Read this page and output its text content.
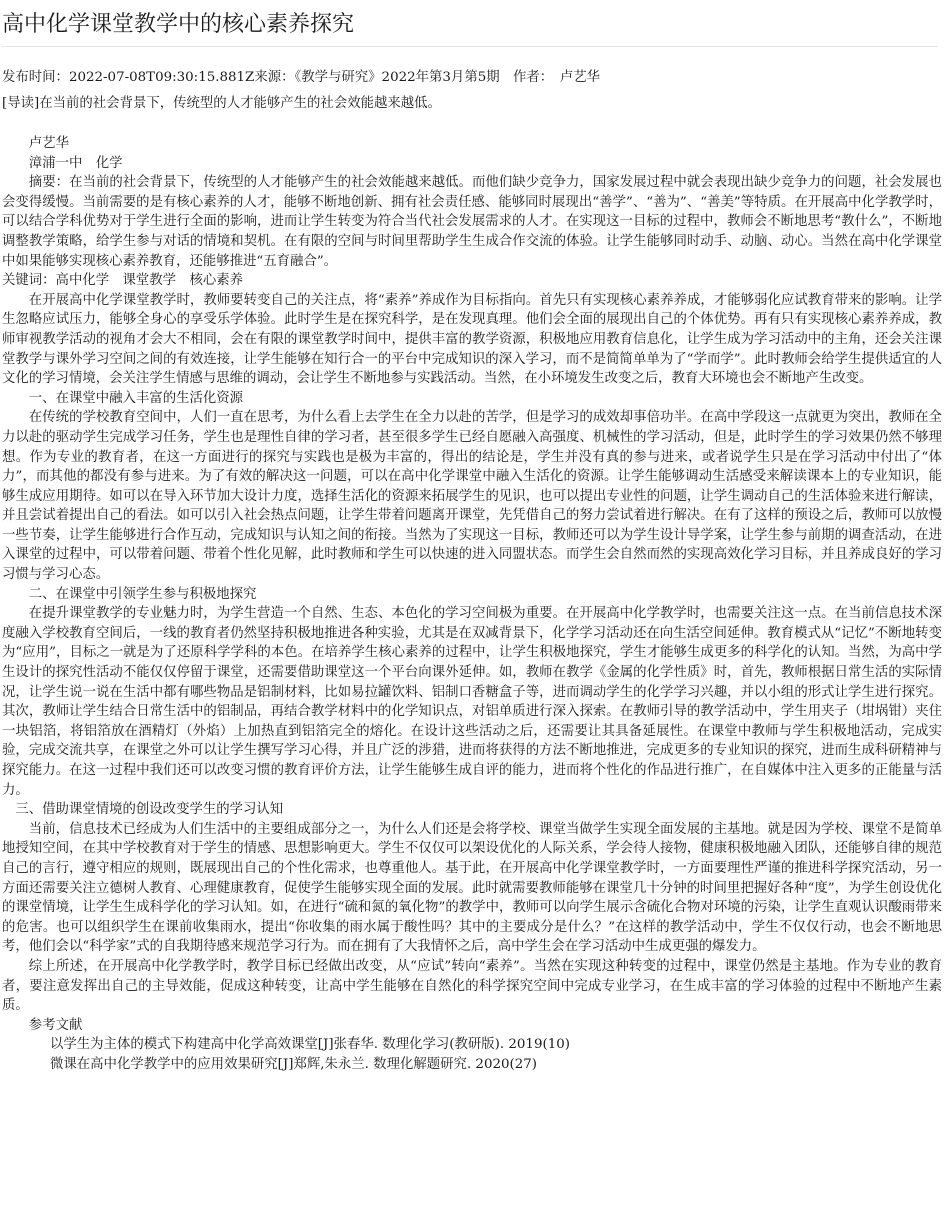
高中化学课堂教学中的核心素养探究
发布时间：2022-07-08T09:30:15.881Z来源：《教学与研究》2022年第3月第5期　作者：　卢艺华
[导读]在当前的社会背景下，传统型的人才能够产生的社会效能越来越低。

卢艺华

漳浦一中　化学

摘要：在当前的社会背景下，传统型的人才能够产生的社会效能越来越低。而他们缺少竞争力，国家发展过程中就会表现出缺少竞争力的问题，社会发展也会变得缓慢。当前需要的是有核心素养的人才，能够不断地创新、拥有社会责任感、能够同时展现出“善学”、“善为”、“善美”等特质。在开展高中化学教学时，可以结合学科优势对于学生进行全面的影响，进而让学生转变为符合当代社会发展需求的人才。在实现这一目标的过程中，教师会不断地思考“教什么”，不断地调整教学策略，给学生参与对话的情境和契机。在有限的空间与时间里帮助学生生成合作交流的体验。让学生能够同时动手、动脑、动心。当然在高中化学课堂中如果能够实现核心素养教育，还能够推进“五育融合”。

关键词：高中化学　课堂教学　核心素养

在开展高中化学课堂教学时，教师要转变自己的关注点，将“素养”养成作为目标指向。首先只有实现核心素养养成，才能够弱化应试教育带来的影响。让学生忽略应试压力，能够全身心的享受乐学体验。此时学生是在探究科学，是在发现真理。他们会全面的展现出自己的个体优势。再有只有实现核心素养养成，教师审视教学活动的视角才会大不相同，会在有限的课堂教学时间中，提供丰富的教学资源，积极地应用教育信息化，让学生成为学习活动中的主角，还会关注课堂教学与课外学习空间之间的有效连接，让学生能够在知行合一的平台中完成知识的深入学习，而不是简简单单为了“学而学”。此时教师会给学生提供适宜的人文化的学习情境，会关注学生情感与思维的调动，会让学生不断地参与实践活动。当然，在小环境发生改变之后，教育大环境也会不断地产生改变。

一、在课堂中融入丰富的生活化资源

在传统的学校教育空间中，人们一直在思考，为什么看上去学生在全力以赴的苦学，但是学习的成效却事倍功半。在高中学段这一点就更为突出，教师在全力以赴的驱动学生完成学习任务，学生也是理性自律的学习者，甚至很多学生已经自愿融入高强度、机械性的学习活动，但是，此时学生的学习效果仍然不够理想。作为专业的教育者，在这一方面进行的探究与实践也是极为丰富的，得出的结论是，学生并没有真的参与进来，或者说学生只是在学习活动中付出了“体力”，而其他的都没有参与进来。为了有效的解决这一问题，可以在高中化学课堂中融入生活化的资源。让学生能够调动生活感受来解读课本上的专业知识，能够生成应用期待。如可以在导入环节加大设计力度，选择生活化的资源来拓展学生的见识，也可以提出专业性的问题，让学生调动自己的生活体验来进行解读，并且尝试着提出自己的看法。如可以引入社会热点问题，让学生带着问题离开课堂，先凭借自己的努力尝试着进行解决。在有了这样的预设之后，教师可以放慢一些节奏，让学生能够进行合作互动，完成知识与认知之间的衔接。当然为了实现这一目标，教师还可以为学生设计导学案，让学生参与前期的调查活动，在进入课堂的过程中，可以带着问题、带着个性化见解，此时教师和学生可以快速的进入同盟状态。而学生会自然而然的实现高效化学习目标，并且养成良好的学习习惯与学习心态。

二、在课堂中引领学生参与积极地探究

在提升课堂教学的专业魅力时，为学生营造一个自然、生态、本色化的学习空间极为重要。在开展高中化学教学时，也需要关注这一点。在当前信息技术深度融入学校教育空间后，一线的教育者仍然坚持积极地推进各种实验，尤其是在双减背景下，化学学习活动还在向生活空间延伸。教育模式从“记忆”不断地转变为“应用”，目标之一就是为了还原科学学科的本色。在培养学生核心素养的过程中，让学生积极地探究，学生才能够生成更多的科学化的认知。当然，为高中学生设计的探究性活动不能仅仅停留于课堂，还需要借助课堂这一个平台向课外延伸。如，教师在教学《金属的化学性质》时，首先，教师根据日常生活的实际情况，让学生说一说在生活中都有哪些物品是铝制材料，比如易拉罐饮料、铝制口香糖盒子等，进而调动学生的化学学习兴趣，并以小组的形式让学生进行探究。其次，教师让学生结合日常生活中的铝制品，再结合教学材料中的化学知识点，对铝单质进行深入探索。在教师引导的教学活动中，学生用夹子（坩埚钳）夹住一块铝箔，将铝箔放在酒精灯（外焰）上加热直到铝箔完全的熔化。在设计这些活动之后，还需要让其具备延展性。在课堂中教师与学生积极地活动，完成实验，完成交流共享，在课堂之外可以让学生撰写学习心得，并且广泛的涉猎，进而将获得的方法不断地推进，完成更多的专业知识的探究，进而生成科研精神与探究能力。在这一过程中我们还可以改变习惯的教育评价方法，让学生能够生成自评的能力，进而将个性化的作品进行推广，在自媒体中注入更多的正能量与活力。

三、借助课堂情境的创设改变学生的学习认知

当前，信息技术已经成为人们生活中的主要组成部分之一，为什么人们还是会将学校、课堂当做学生实现全面发展的主基地。就是因为学校、课堂不是简单地授知空间，在其中学校教育对于学生的情感、思想影响更大。学生不仅仅可以架设优化的人际关系，学会待人接物，健康积极地融入团队，还能够自律的规范自己的言行，遵守相应的规则，既展现出自己的个性化需求，也尊重他人。基于此，在开展高中化学课堂教学时，一方面要理性严谨的推进科学探究活动，另一方面还需要关注立德树人教育、心理健康教育，促使学生能够实现全面的发展。此时就需要教师能够在课堂几十分钟的时间里把握好各种“度”，为学生创设优化的课堂情境，让学生生成科学化的学习认知。如，在进行“硫和氮的氧化物”的教学中，教师可以向学生展示含硫化合物对环境的污染，让学生直观认识酸雨带来的危害。也可以组织学生在课前收集雨水，提出“你收集的雨水属于酸性吗？其中的主要成分是什么？”在这样的教学活动中，学生不仅仅行动，也会不断地思考，他们会以“科学家”式的自我期待感来规范学习行为。而在拥有了大我情怀之后，高中学生会在学习活动中生成更强的爆发力。

综上所述，在开展高中化学教学时，教学目标已经做出改变，从“应试”转向“素养”。当然在实现这种转变的过程中，课堂仍然是主基地。作为专业的教育者，要注意发挥出自己的主导效能，促成这种转变，让高中学生能够在自然化的科学探究空间中完成专业学习，在生成丰富的学习体验的过程中不断地产生素质。

参考文献

以学生为主体的模式下构建高中化学高效课堂[J]张春华. 数理化学习(教研版). 2019(10)

微课在高中化学教学中的应用效果研究[J]郑辉,朱永兰. 数理化解题研究. 2020(27)
